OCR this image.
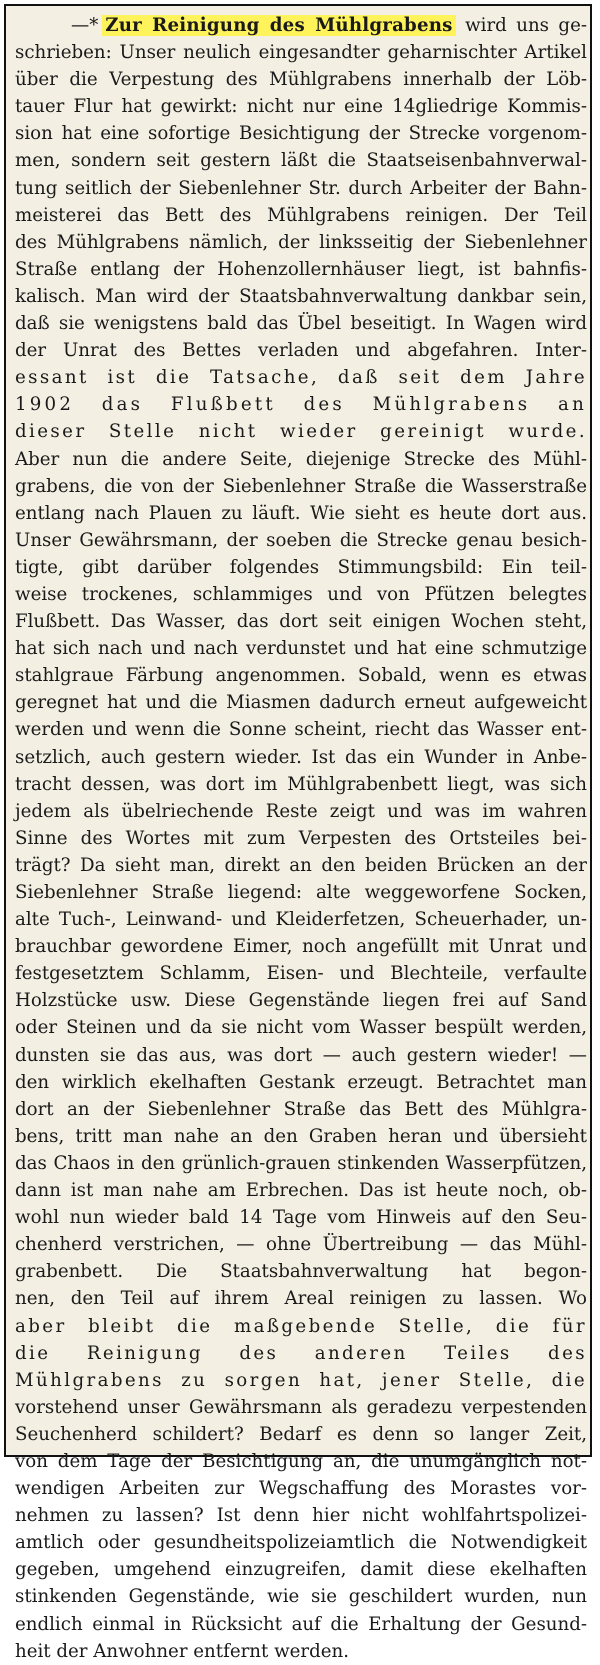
—* Zur Reinigung des Mühlgrabens wird uns ge-
schrieben: Unser neulich eingesandter geharnischter Artikel
über die Verpestung des Mühlgrabens innerhalb der Löb-
tauer Flur hat gewirkt: nicht nur eine 14gliedrige Kommis-
sion hat eine sofortige Besichtigung der Strecke vorgenom-
men, sondern seit gestern läßt die Staatseisenbahnverwal-
tung seitlich der Siebenlehner Str. durch Arbeiter der Bahn-
meisterei das Bett des Mühlgrabens reinigen. Der Teil
des Mühlgrabens nämlich, der linksseitig der Siebenlehner
Straße entlang der Hohenzollernhäuser liegt, ist bahnfis-
kalisch. Man wird der Staatsbahnverwaltung dankbar sein,
daß sie wenigstens bald das Übel beseitigt. In Wagen wird
der Unrat des Bettes verladen und abgefahren. Inter-
essant ist die Tatsache, daß seit dem Jahre
1902 das Flußbett des Mühlgrabens an
dieser Stelle nicht wieder gereinigt wurde.
Aber nun die andere Seite, diejenige Strecke des Mühl-
grabens, die von der Siebenlehner Straße die Wasserstraße
entlang nach Plauen zu läuft. Wie sieht es heute dort aus.
Unser Gewährsmann, der soeben die Strecke genau besich-
tigte, gibt darüber folgendes Stimmungsbild: Ein teil-
weise trockenes, schlammiges und von Pfützen belegtes
Flußbett. Das Wasser, das dort seit einigen Wochen steht,
hat sich nach und nach verdunstet und hat eine schmutzige
stahlgraue Färbung angenommen. Sobald, wenn es etwas
geregnet hat und die Miasmen dadurch erneut aufgeweicht
werden und wenn die Sonne scheint, riecht das Wasser ent-
setzlich, auch gestern wieder. Ist das ein Wunder in Anbe-
tracht dessen, was dort im Mühlgrabenbett liegt, was sich
jedem als übelriechende Reste zeigt und was im wahren
Sinne des Wortes mit zum Verpesten des Ortsteiles bei-
trägt? Da sieht man, direkt an den beiden Brücken an der
Siebenlehner Straße liegend: alte weggeworfene Socken,
alte Tuch-, Leinwand- und Kleiderfetzen, Scheuerhader, un-
brauchbar gewordene Eimer, noch angefüllt mit Unrat und
festgesetztem Schlamm, Eisen- und Blechteile, verfaulte
Holzstücke usw. Diese Gegenstände liegen frei auf Sand
oder Steinen und da sie nicht vom Wasser bespült werden,
dunsten sie das aus, was dort — auch gestern wieder! —
den wirklich ekelhaften Gestank erzeugt. Betrachtet man
dort an der Siebenlehner Straße das Bett des Mühlgra-
bens, tritt man nahe an den Graben heran und übersieht
das Chaos in den grünlich-grauen stinkenden Wasserpfützen,
dann ist man nahe am Erbrechen. Das ist heute noch, ob-
wohl nun wieder bald 14 Tage vom Hinweis auf den Seu-
chenherd verstrichen, — ohne Übertreibung — das Mühl-
grabenbett. Die Staatsbahnverwaltung hat begon-
nen, den Teil auf ihrem Areal reinigen zu lassen. Wo
aber bleibt die maßgebende Stelle, die für
die Reinigung des anderen Teiles des
Mühlgrabens zu sorgen hat, jener Stelle, die
vorstehend unser Gewährsmann als geradezu verpestenden
Seuchenherd schildert? Bedarf es denn so langer Zeit,
von dem Tage der Besichtigung an, die unumgänglich not-
wendigen Arbeiten zur Wegschaffung des Morastes vor-
nehmen zu lassen? Ist denn hier nicht wohlfahrtspolizei-
amtlich oder gesundheitspolizeiamtlich die Notwendigkeit
gegeben, umgehend einzugreifen, damit diese ekelhaften
stinkenden Gegenstände, wie sie geschildert wurden, nun
endlich einmal in Rücksicht auf die Erhaltung der Gesund-
heit der Anwohner entfernt werden.
